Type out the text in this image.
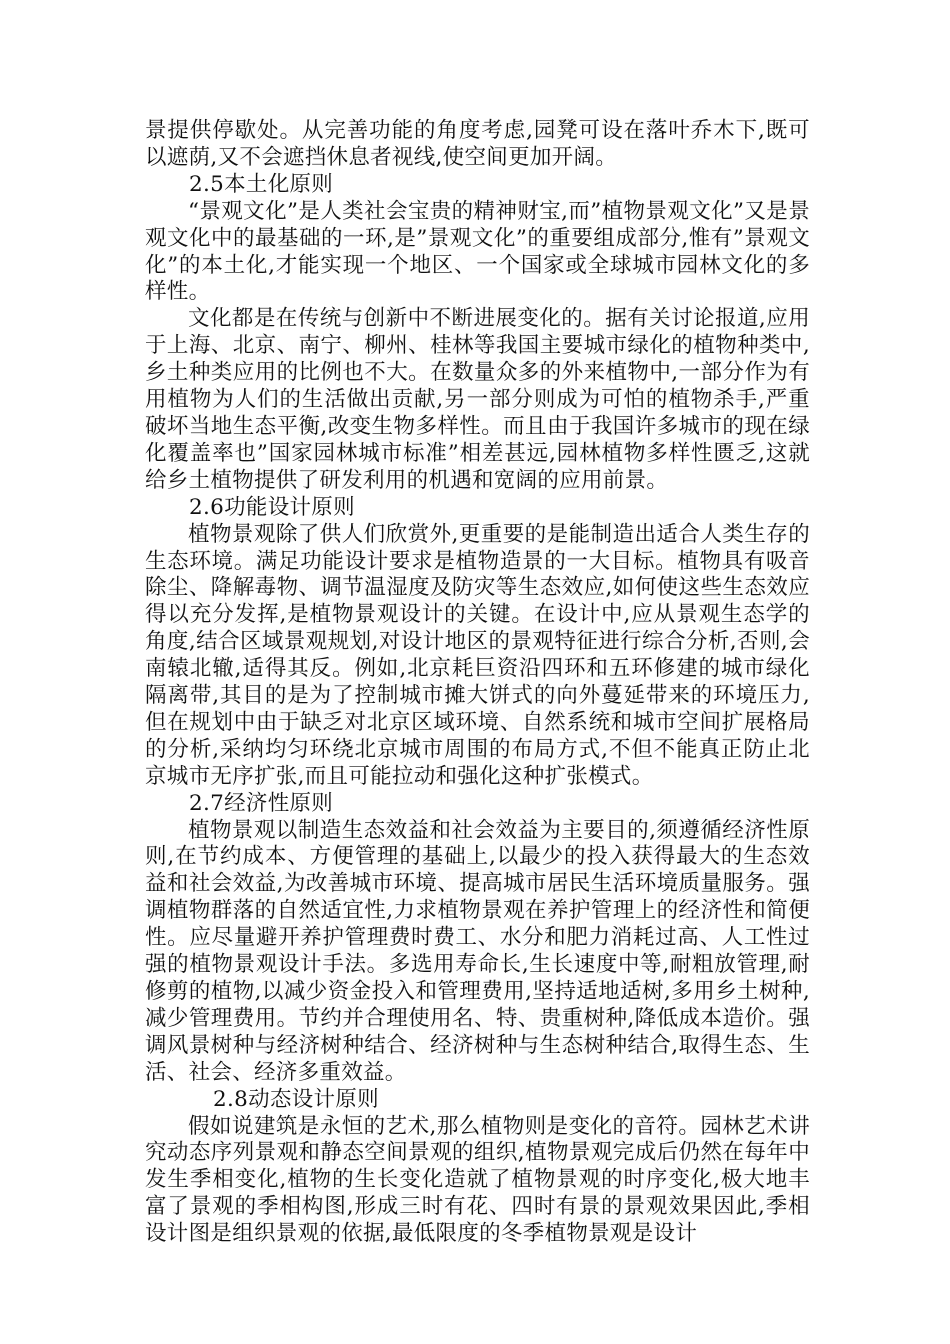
景提供停歇处。从完善功能的角度考虑,园凳可设在落叶乔木下,既可以遮荫,又不会遮挡休息者视线,使空间更加开阔。

2.5本土化原则

“景观文化”是人类社会宝贵的精神财宝,而”植物景观文化”又是景观文化中的最基础的一环,是”景观文化”的重要组成部分,惟有”景观文化”的本土化,才能实现一个地区、一个国家或全球城市园林文化的多样性。

文化都是在传统与创新中不断进展变化的。据有关讨论报道,应用于上海、北京、南宁、柳州、桂林等我国主要城市绿化的植物种类中,乡土种类应用的比例也不大。在数量众多的外来植物中,一部分作为有用植物为人们的生活做出贡献,另一部分则成为可怕的植物杀手,严重破坏当地生态平衡,改变生物多样性。而且由于我国许多城市的现在绿化覆盖率也”国家园林城市标准”相差甚远,园林植物多样性匮乏,这就给乡土植物提供了研发利用的机遇和宽阔的应用前景。

2.6功能设计原则

植物景观除了供人们欣赏外,更重要的是能制造出适合人类生存的生态环境。满足功能设计要求是植物造景的一大目标。植物具有吸音除尘、降解毒物、调节温湿度及防灾等生态效应,如何使这些生态效应得以充分发挥,是植物景观设计的关键。在设计中,应从景观生态学的角度,结合区域景观规划,对设计地区的景观特征进行综合分析,否则,会南辕北辙,适得其反。例如,北京耗巨资沿四环和五环修建的城市绿化隔离带,其目的是为了控制城市摊大饼式的向外蔓延带来的环境压力,但在规划中由于缺乏对北京区域环境、自然系统和城市空间扩展格局的分析,采纳均匀环绕北京城市周围的布局方式,不但不能真正防止北京城市无序扩张,而且可能拉动和强化这种扩张模式。

2.7经济性原则

植物景观以制造生态效益和社会效益为主要目的,须遵循经济性原则,在节约成本、方便管理的基础上,以最少的投入获得最大的生态效益和社会效益,为改善城市环境、提高城市居民生活环境质量服务。强调植物群落的自然适宜性,力求植物景观在养护管理上的经济性和简便性。应尽量避开养护管理费时费工、水分和肥力消耗过高、人工性过强的植物景观设计手法。多选用寿命长,生长速度中等,耐粗放管理,耐修剪的植物,以减少资金投入和管理费用,坚持适地适树,多用乡土树种,减少管理费用。节约并合理使用名、特、贵重树种,降低成本造价。强调风景树种与经济树种结合、经济树种与生态树种结合,取得生态、生活、社会、经济多重效益。

2.8动态设计原则

假如说建筑是永恒的艺术,那么植物则是变化的音符。园林艺术讲究动态序列景观和静态空间景观的组织,植物景观完成后仍然在每年中发生季相变化,植物的生长变化造就了植物景观的时序变化,极大地丰富了景观的季相构图,形成三时有花、四时有景的景观效果因此,季相设计图是组织景观的依据,最低限度的冬季植物景观是设计
